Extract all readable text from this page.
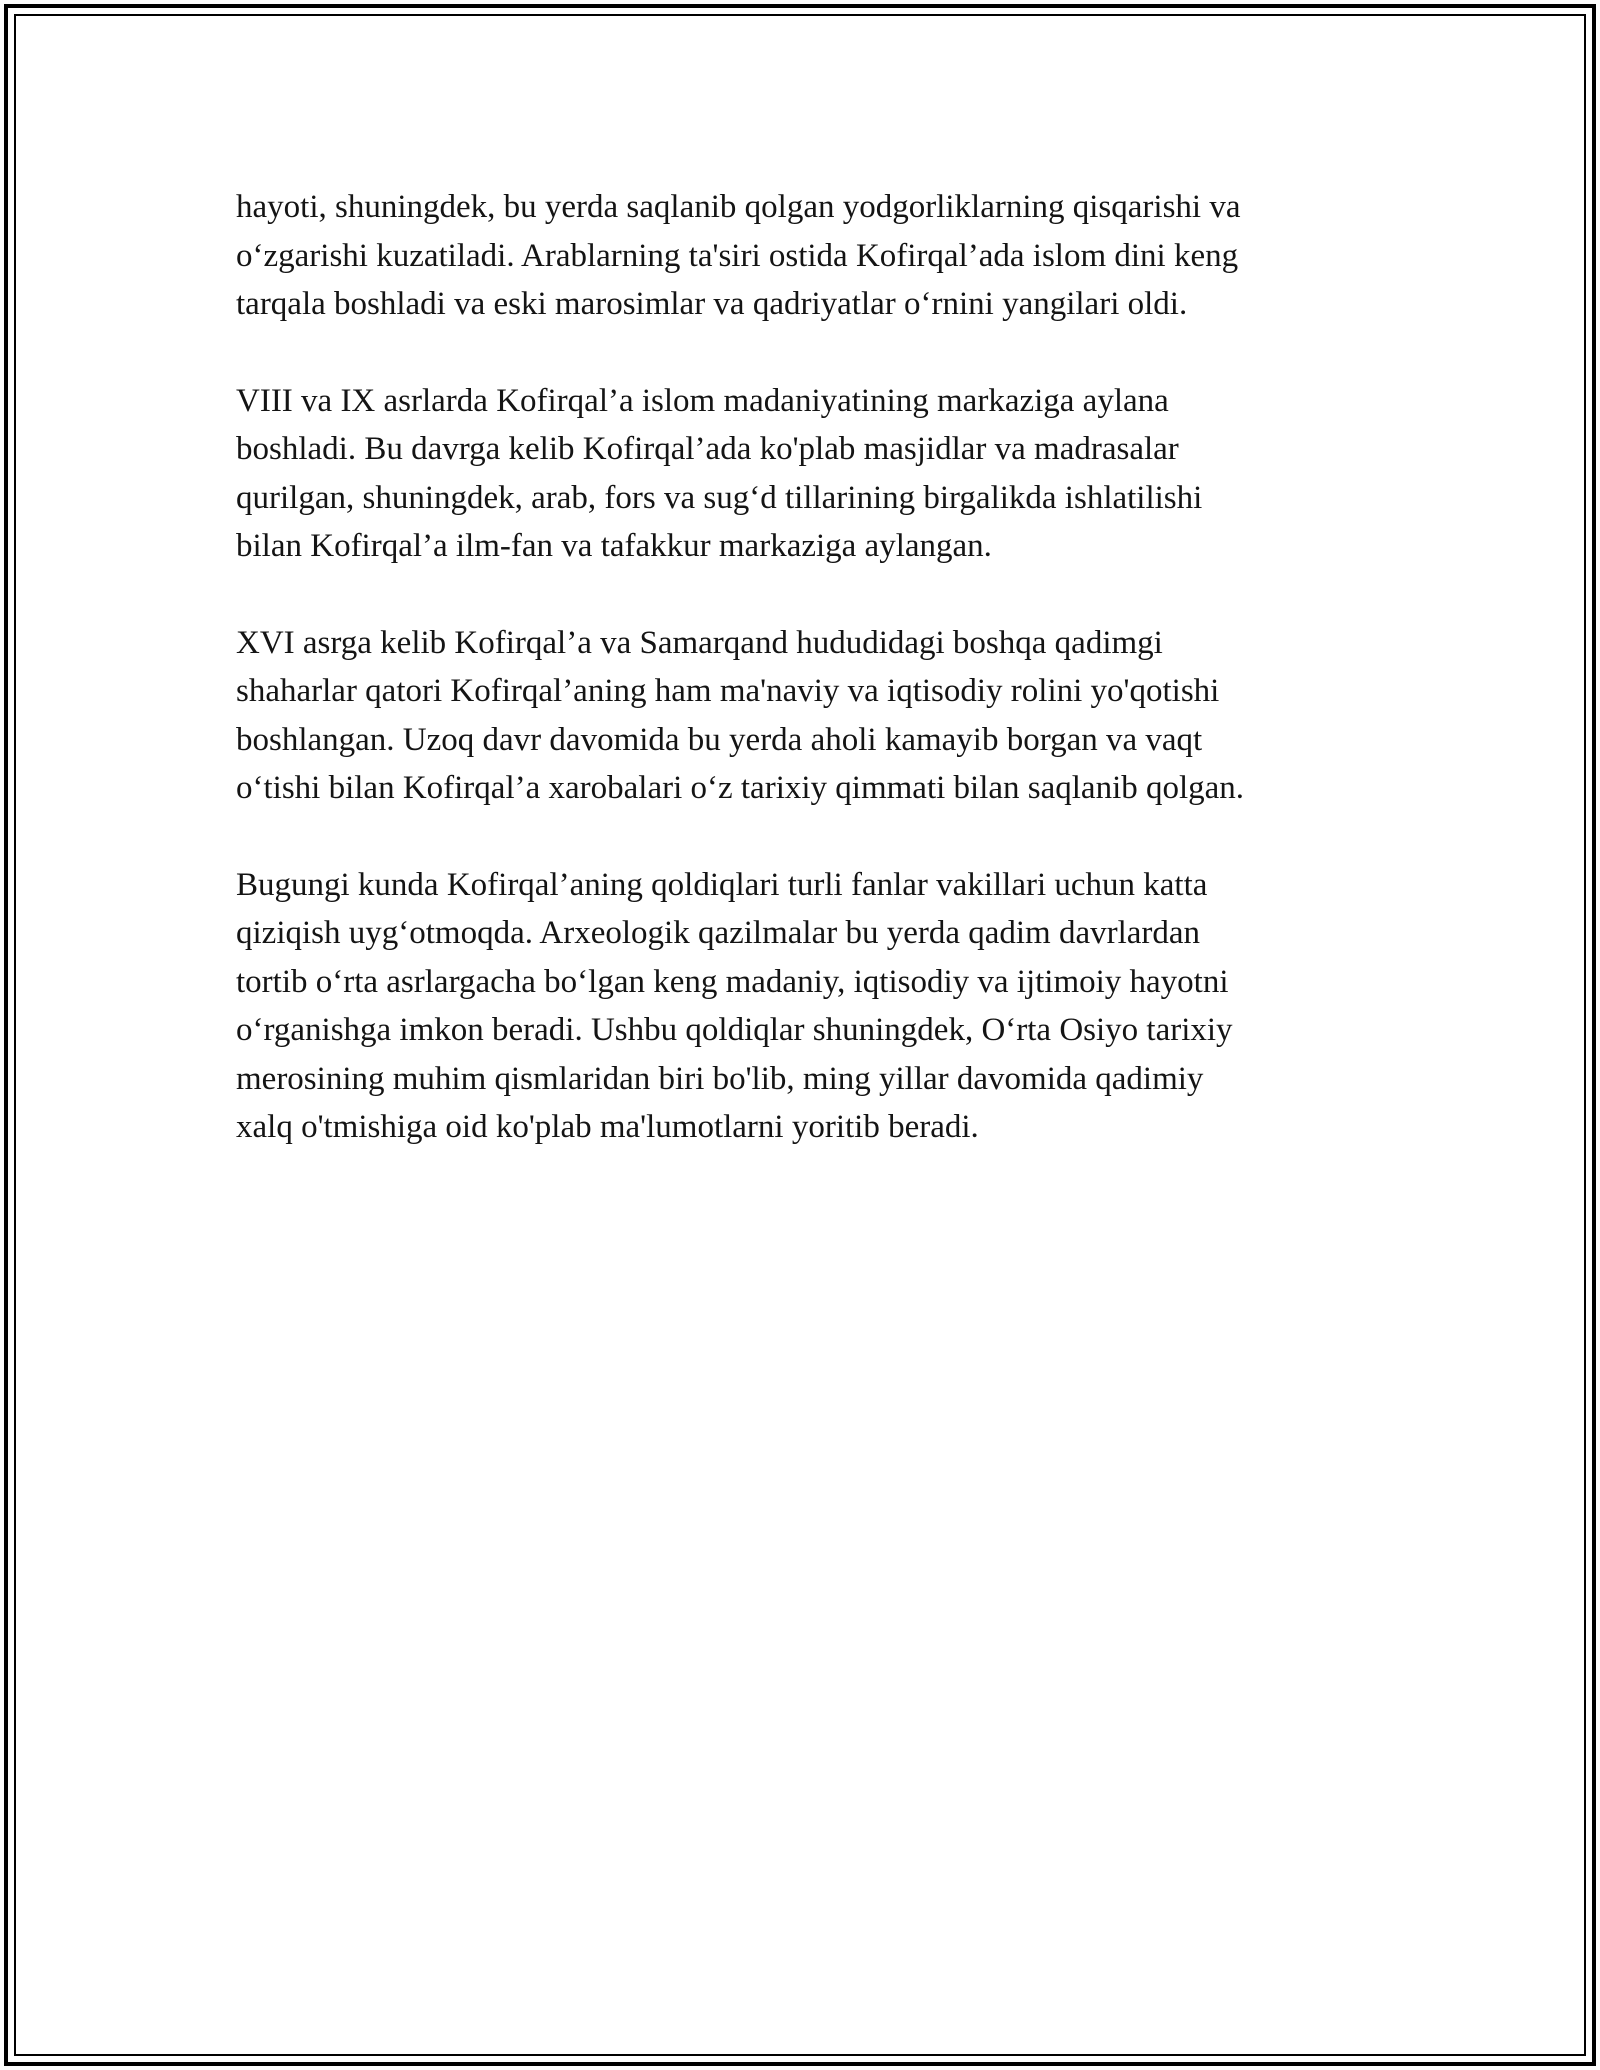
hayoti, shuningdek, bu yerda saqlanib qolgan yodgorliklarning qisqarishi va
o‘zgarishi kuzatiladi. Arablarning ta'siri ostida Kofirqal’ada islom dini keng
tarqala boshladi va eski marosimlar va qadriyatlar o‘rnini yangilari oldi.

VIII va IX asrlarda Kofirqal’a islom madaniyatining markaziga aylana
boshladi. Bu davrga kelib Kofirqal’ada ko'plab masjidlar va madrasalar
qurilgan, shuningdek, arab, fors va sug‘d tillarining birgalikda ishlatilishi
bilan Kofirqal’a ilm-fan va tafakkur markaziga aylangan.

XVI asrga kelib Kofirqal’a va Samarqand hududidagi boshqa qadimgi
shaharlar qatori Kofirqal’aning ham ma'naviy va iqtisodiy rolini yo'qotishi
boshlangan. Uzoq davr davomida bu yerda aholi kamayib borgan va vaqt
o‘tishi bilan Kofirqal’a xarobalari o‘z tarixiy qimmati bilan saqlanib qolgan.

Bugungi kunda Kofirqal’aning qoldiqlari turli fanlar vakillari uchun katta
qiziqish uyg‘otmoqda. Arxeologik qazilmalar bu yerda qadim davrlardan
tortib o‘rta asrlargacha bo‘lgan keng madaniy, iqtisodiy va ijtimoiy hayotni
o‘rganishga imkon beradi. Ushbu qoldiqlar shuningdek, O‘rta Osiyo tarixiy
merosining muhim qismlaridan biri bo'lib, ming yillar davomida qadimiy
xalq o'tmishiga oid ko'plab ma'lumotlarni yoritib beradi.
